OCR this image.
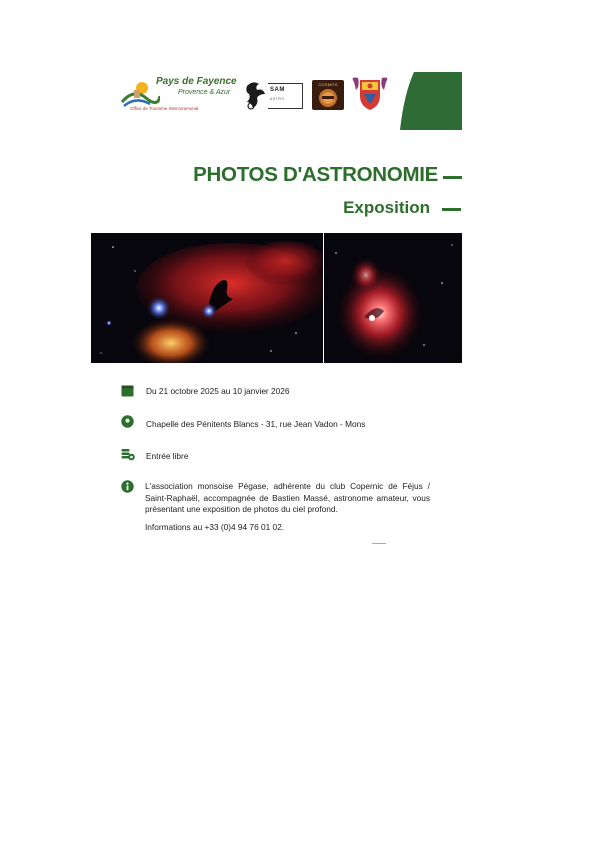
Pays de Fayence
Provence & Azur
Office de Tourisme Intercommunal
SAM
ASTRO
COSMOS
PHOTOS D'ASTRONOMIE
Exposition
Du 21 octobre 2025 au 10 janvier 2026
Chapelle des Pénitents Blancs - 31, rue Jean Vadon - Mons
Entrée libre
L'association monsoise Pégase, adhérente du club Copernic de Féjus / Saint-Raphaël, accompagnée de Bastien Massé, astronome amateur, vous présentant une exposition de photos du ciel profond.
Informations au +33 (0)4 94 76 01 02.
